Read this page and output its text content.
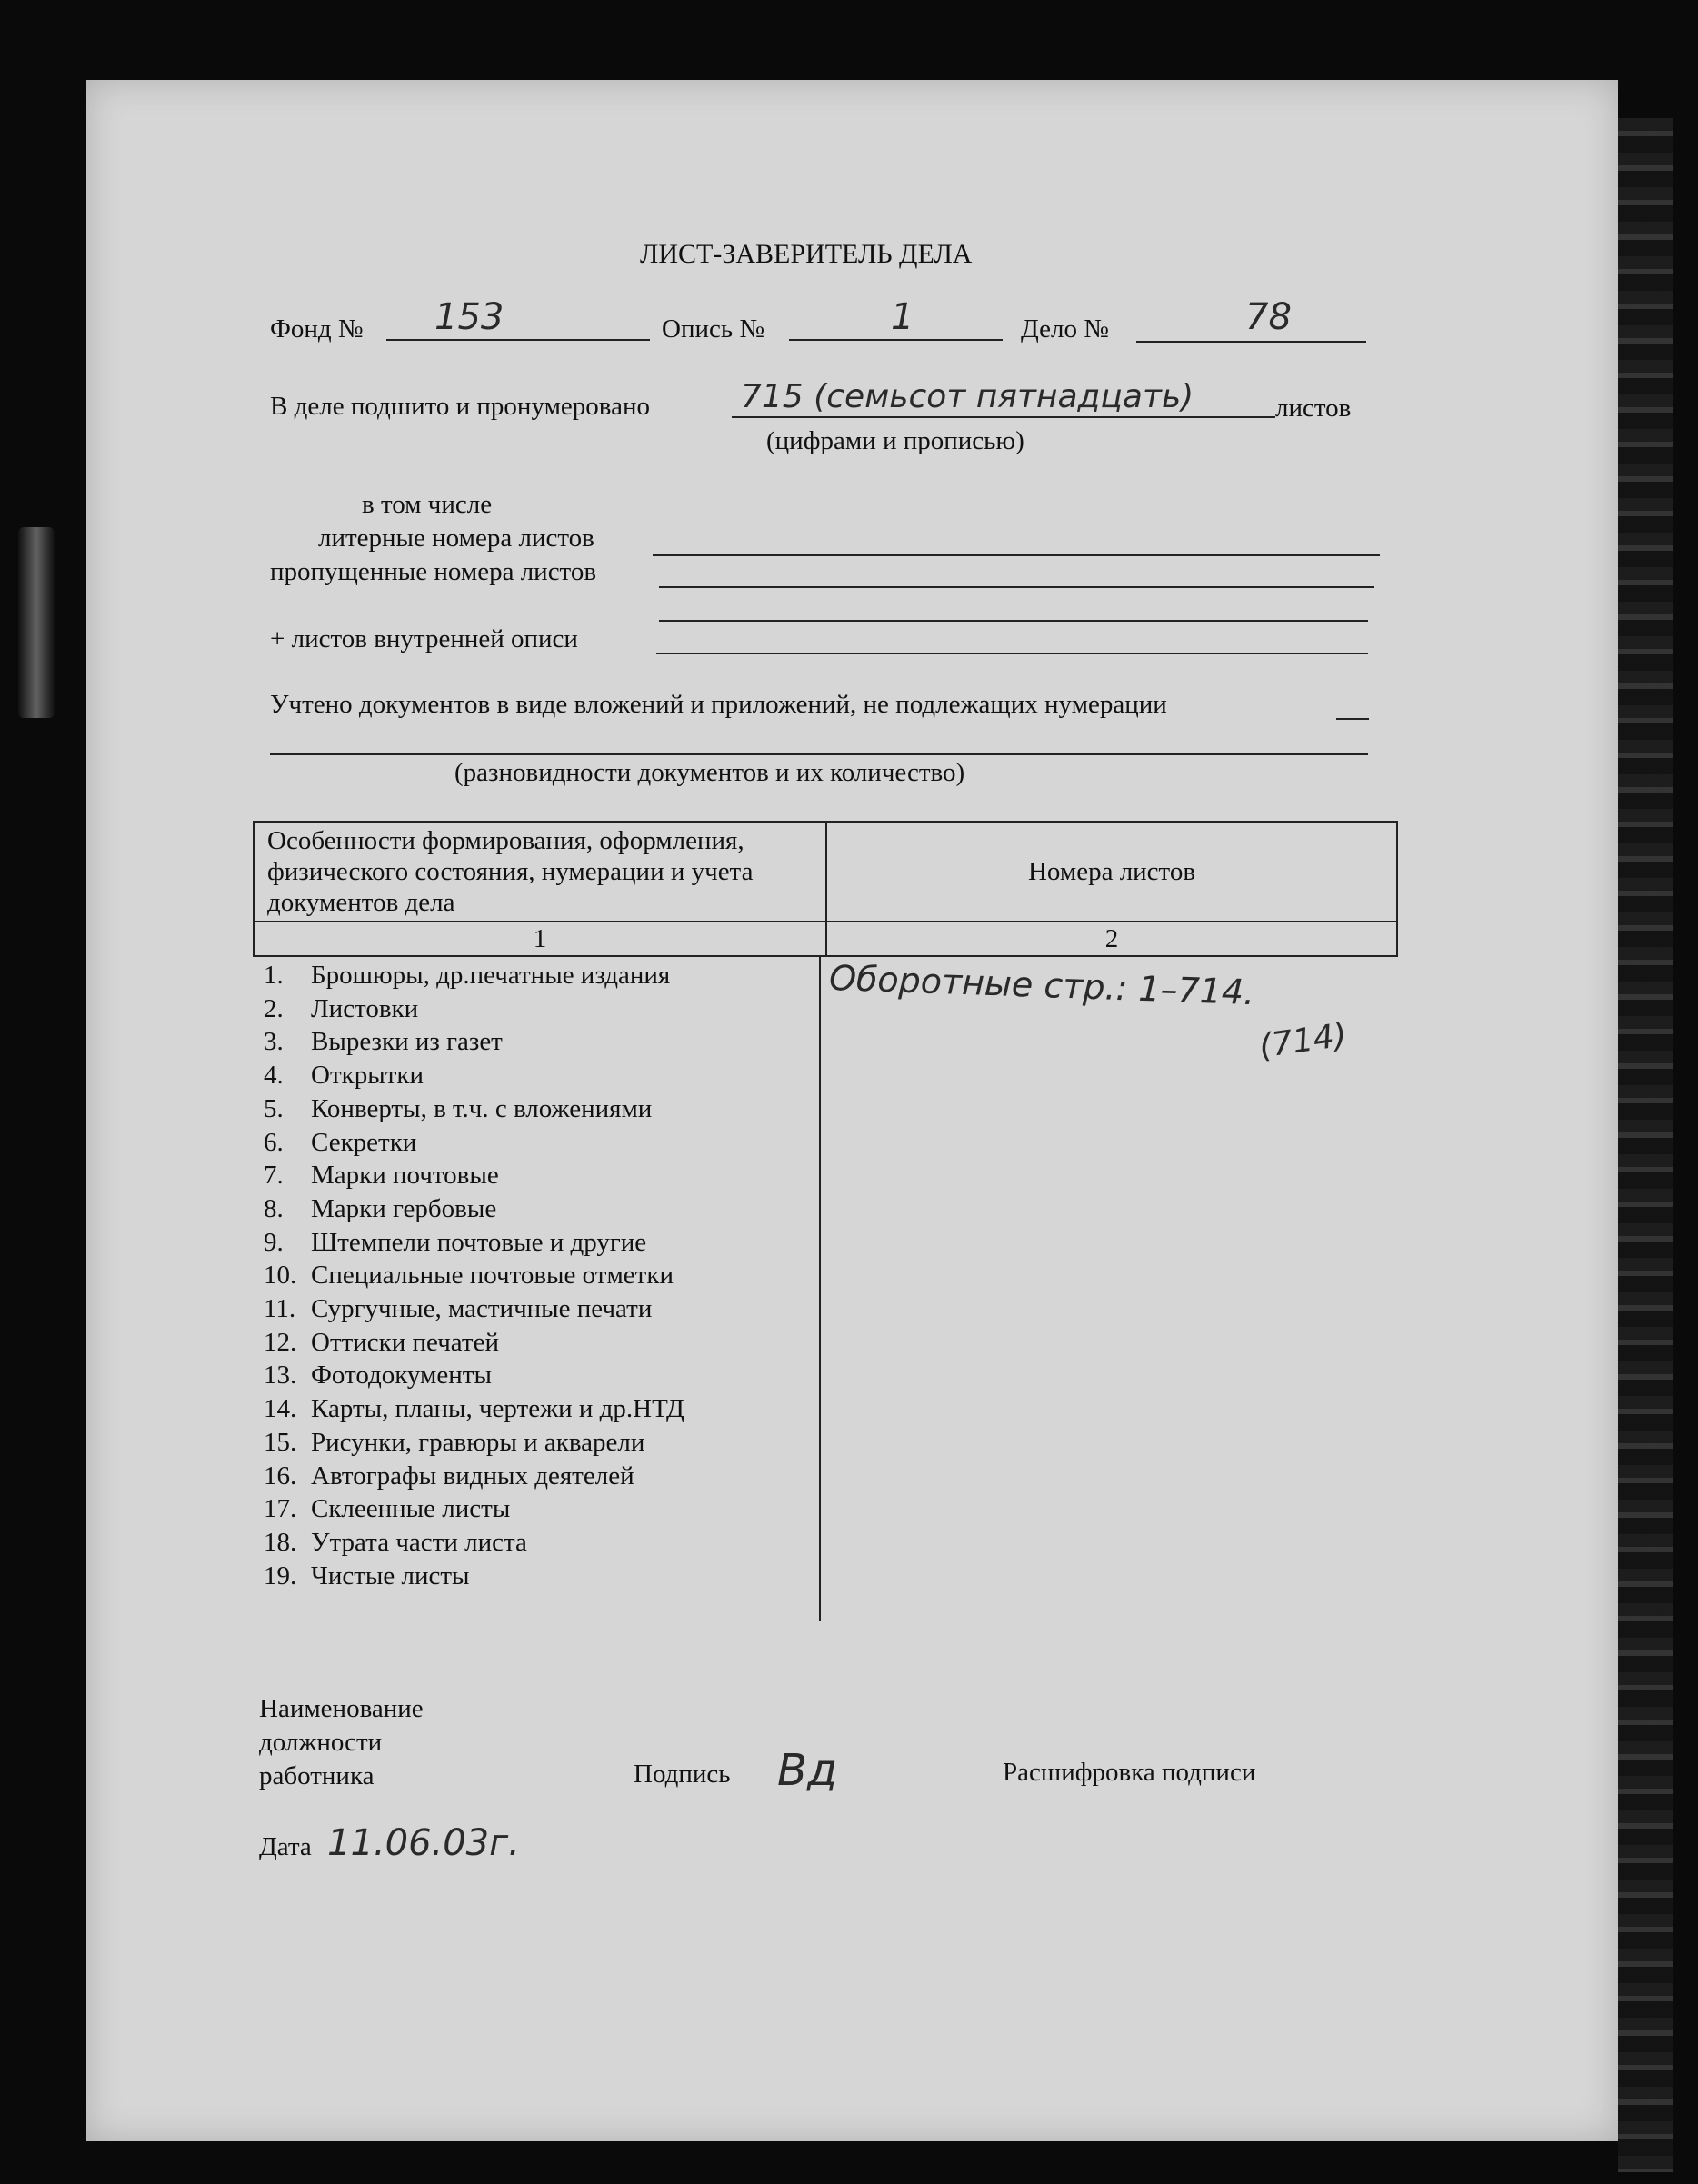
ЛИСТ-ЗАВЕРИТЕЛЬ ДЕЛА
Фонд № 153	Опись №	1	Дело №	78
В деле подшито и пронумеровано	715 (семьсот пятнадцать)	листов
(цифрами и прописью)
в том числе
литерные номера листов
пропущенные номера листов
+ листов внутренней описи
Учтено документов в виде вложений и приложений, не подлежащих нумерации
(разновидности документов и их количество)
Особенности формирования, оформления, физического состояния, нумерации и учета документов дела	Номера листов
1	2
1. Брошюры, др.печатные издания
2. Листовки
3. Вырезки из газет
4. Открытки
5. Конверты, в т.ч. с вложениями
6. Секретки
7. Марки почтовые
8. Марки гербовые
9. Штемпели почтовые и другие
10. Специальные почтовые отметки
11. Сургучные, мастичные печати
12. Оттиски печатей
13. Фотодокументы
14. Карты, планы, чертежи и др.НТД
15. Рисунки, гравюры и акварели
16. Автографы видных деятелей
17. Склеенные листы
18. Утрата части листа
19. Чистые листы
Оборотные стр.: 1–714.
(714)
Наименование
должности
работника	Подпись Вд	Расшифровка подписи
Дата 11.06.03г.
